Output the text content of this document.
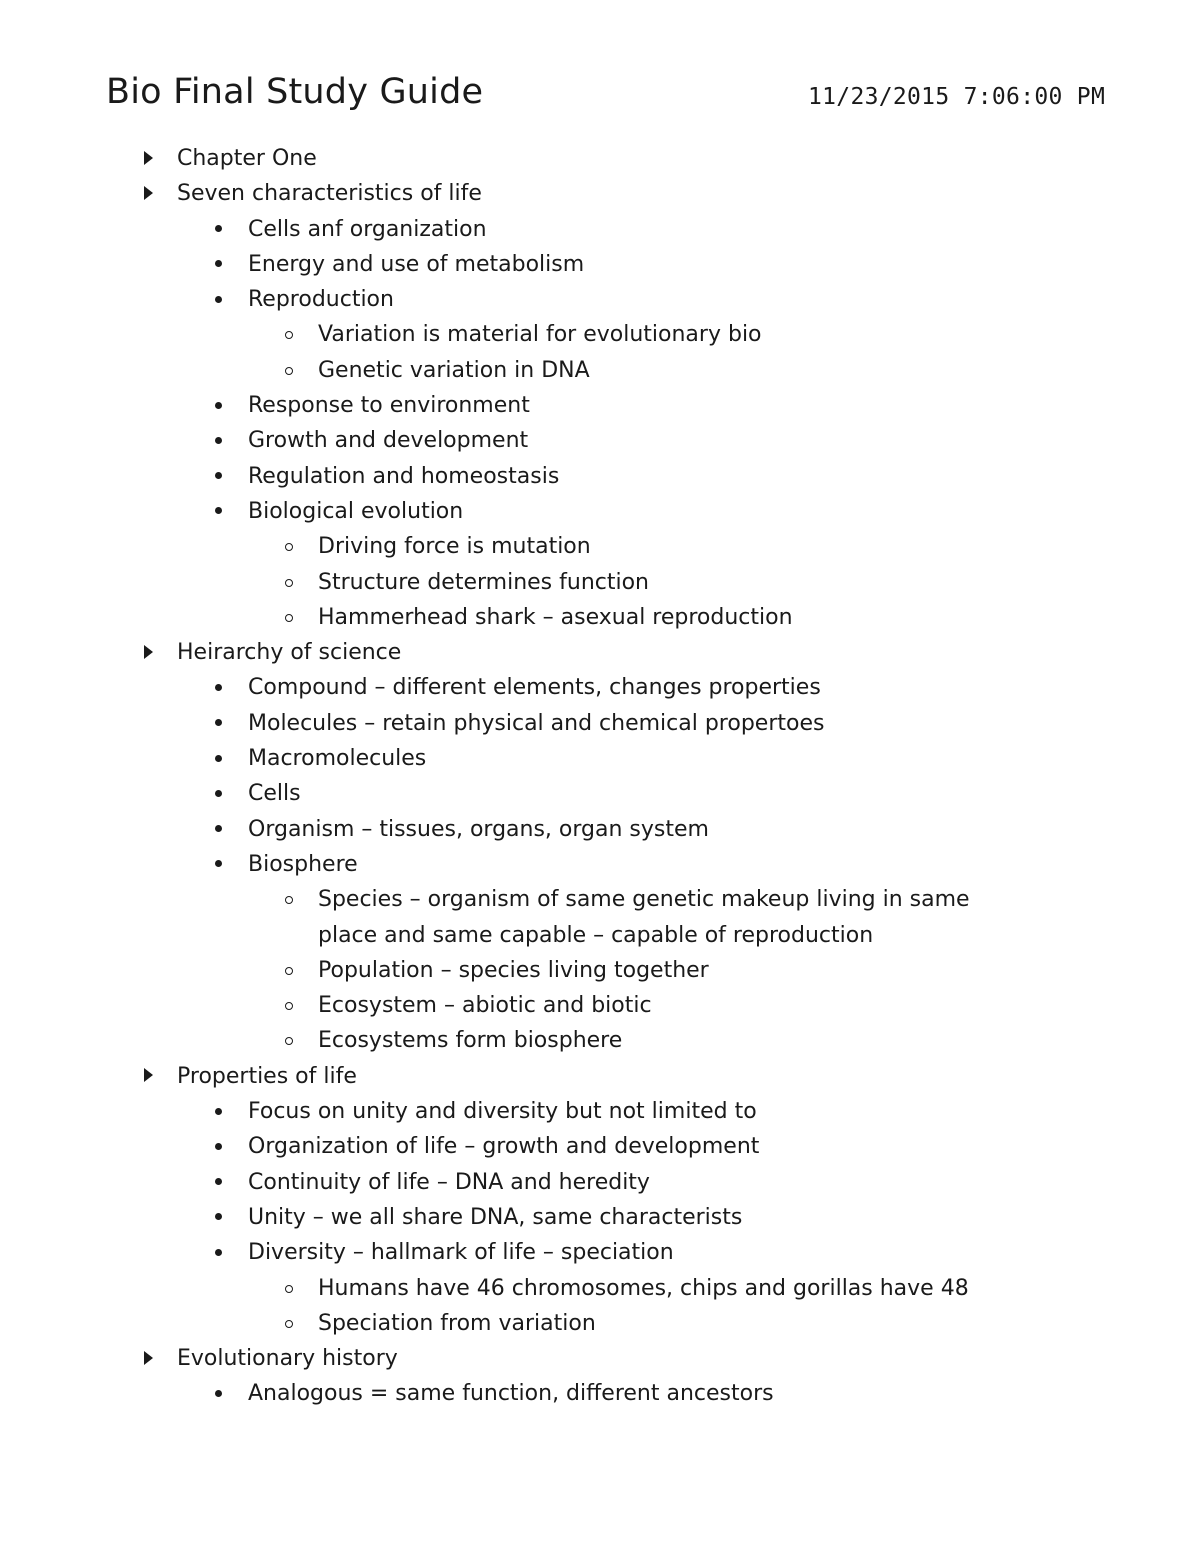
Bio Final Study Guide	11/23/2015 7:06:00 PM
Chapter One
Seven characteristics of life
Cells anf organization
Energy and use of metabolism
Reproduction
Variation is material for evolutionary bio
Genetic variation in DNA
Response to environment
Growth and development
Regulation and homeostasis
Biological evolution
Driving force is mutation
Structure determines function
Hammerhead shark – asexual reproduction
Heirarchy of science
Compound – different elements, changes properties
Molecules – retain physical and chemical propertoes
Macromolecules
Cells
Organism – tissues, organs, organ system
Biosphere
Species – organism of same genetic makeup living in same
place and same capable – capable of reproduction
Population – species living together
Ecosystem – abiotic and biotic
Ecosystems form biosphere
Properties of life
Focus on unity and diversity but not limited to
Organization of life – growth and development
Continuity of life – DNA and heredity
Unity – we all share DNA, same characterists
Diversity – hallmark of life – speciation
Humans have 46 chromosomes, chips and gorillas have 48
Speciation from variation
Evolutionary history
Analogous = same function, different ancestors
